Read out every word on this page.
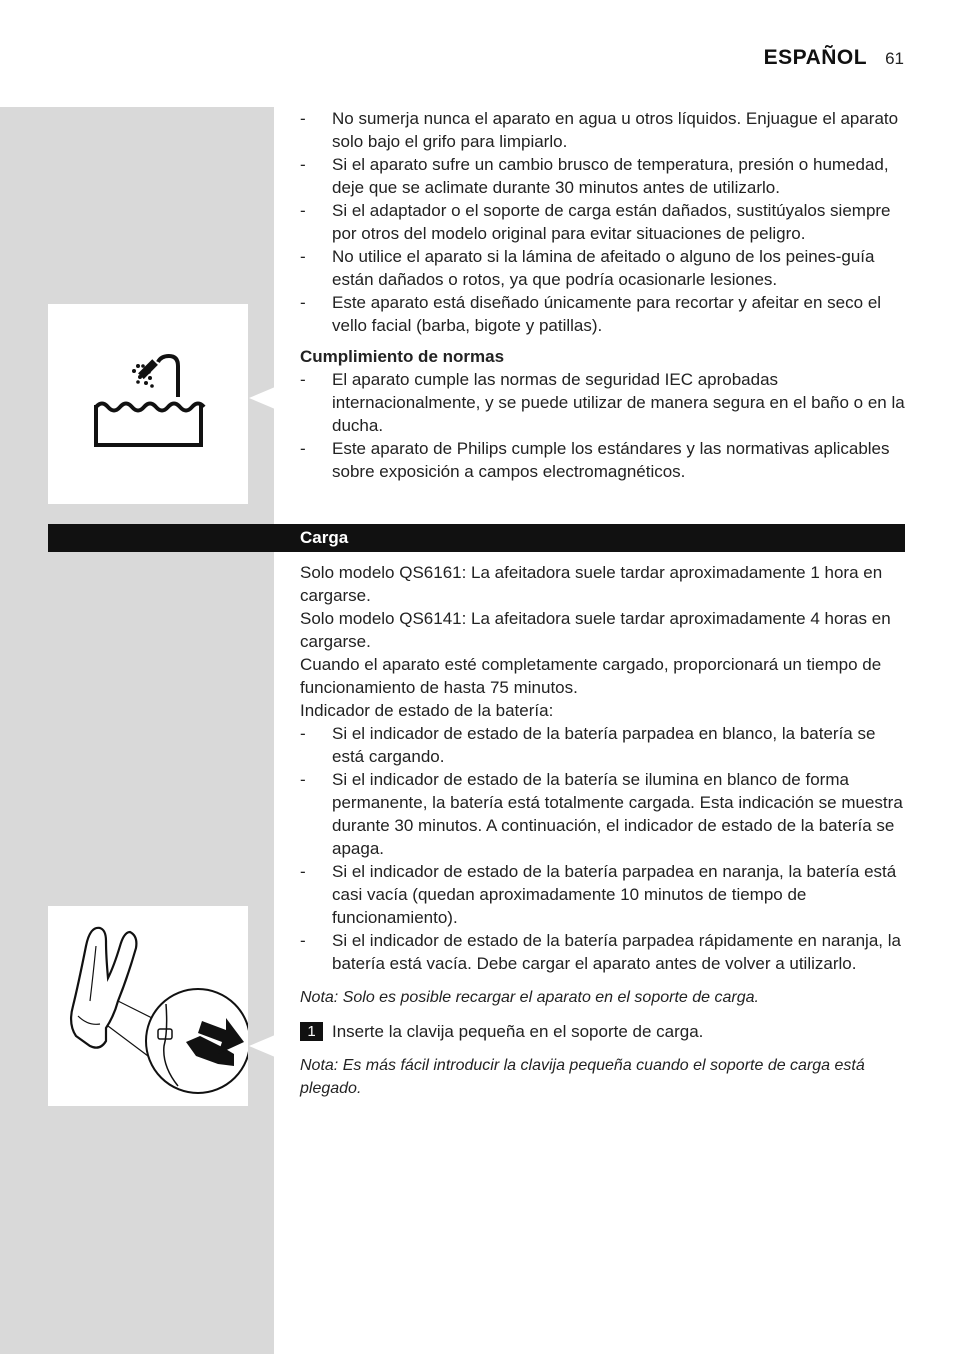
ESPAÑOL 61
- No sumerja nunca el aparato en agua u otros líquidos. Enjuague el aparato solo bajo el grifo para limpiarlo.
- Si el aparato sufre un cambio brusco de temperatura, presión o humedad, deje que se aclimate durante 30 minutos antes de utilizarlo.
- Si el adaptador o el soporte de carga están dañados, sustitúyalos siempre por otros del modelo original para evitar situaciones de peligro.
- No utilice el aparato si la lámina de afeitado o alguno de los peines-guía están dañados o rotos, ya que podría ocasionarle lesiones.
- Este aparato está diseñado únicamente para recortar y afeitar en seco el vello facial (barba, bigote y patillas).

Cumplimiento de normas

- El aparato cumple las normas de seguridad IEC aprobadas internacionalmente, y se puede utilizar de manera segura en el baño o en la ducha.
- Este aparato de Philips cumple los estándares y las normativas aplicables sobre exposición a campos electromagnéticos.
Carga

Solo modelo QS6161: La afeitadora suele tardar aproximadamente 1 hora en cargarse.

Solo modelo QS6141: La afeitadora suele tardar aproximadamente 4 horas en cargarse.

Cuando el aparato esté completamente cargado, proporcionará un tiempo de funcionamiento de hasta 75 minutos.

Indicador de estado de la batería:

- Si el indicador de estado de la batería parpadea en blanco, la batería se está cargando.
- Si el indicador de estado de la batería se ilumina en blanco de forma permanente, la batería está totalmente cargada. Esta indicación se muestra durante 30 minutos. A continuación, el indicador de estado de la batería se apaga.
- Si el indicador de estado de la batería parpadea en naranja, la batería está casi vacía (quedan aproximadamente 10 minutos de tiempo de funcionamiento).
- Si el indicador de estado de la batería parpadea rápidamente en naranja, la batería está vacía. Debe cargar el aparato antes de volver a utilizarlo.

Nota: Solo es posible recargar el aparato en el soporte de carga.

1 Inserte la clavija pequeña en el soporte de carga.

Nota: Es más fácil introducir la clavija pequeña cuando el soporte de carga está plegado.
